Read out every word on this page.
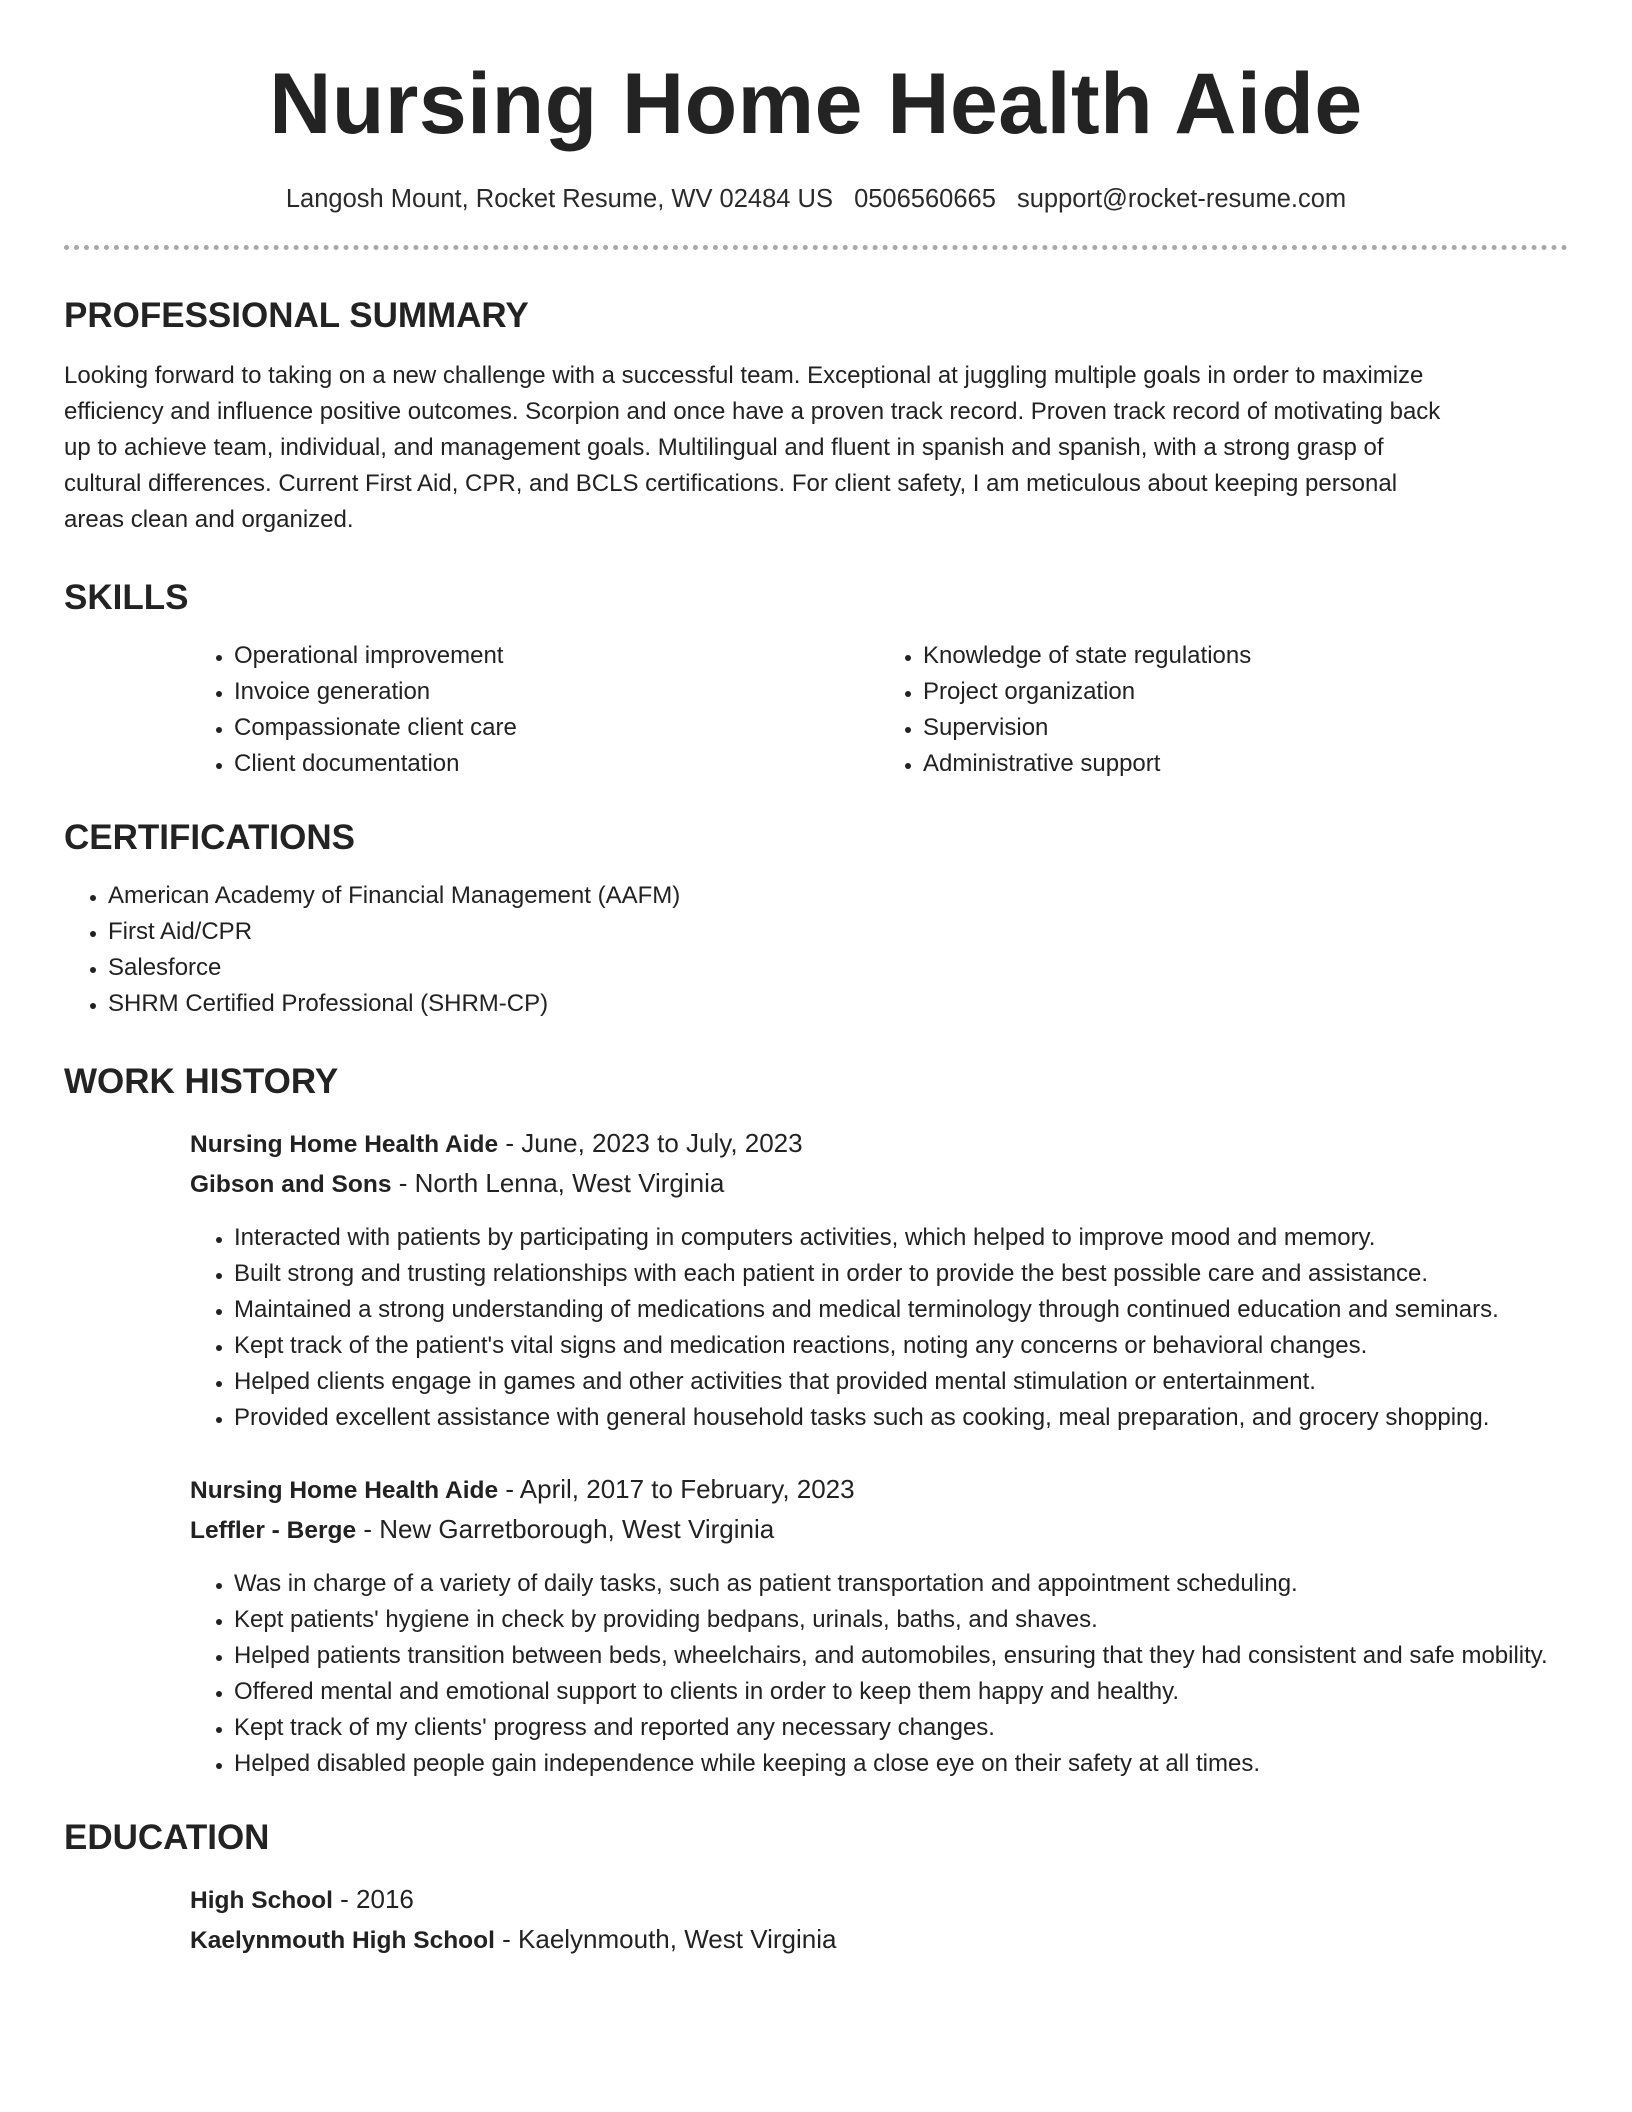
Nursing Home Health Aide
Langosh Mount, Rocket Resume, WV 02484 US 0506560665 support@rocket-resume.com
PROFESSIONAL SUMMARY

Looking forward to taking on a new challenge with a successful team. Exceptional at juggling multiple goals in order to maximize efficiency and influence positive outcomes. Scorpion and once have a proven track record. Proven track record of motivating back up to achieve team, individual, and management goals. Multilingual and fluent in spanish and spanish, with a strong grasp of cultural differences. Current First Aid, CPR, and BCLS certifications. For client safety, I am meticulous about keeping personal areas clean and organized.

SKILLS
• Operational improvement
• Invoice generation
• Compassionate client care
• Client documentation
• Knowledge of state regulations
• Project organization
• Supervision
• Administrative support
CERTIFICATIONS
• American Academy of Financial Management (AAFM)
• First Aid/CPR
• Salesforce
• SHRM Certified Professional (SHRM-CP)
WORK HISTORY
Nursing Home Health Aide - June, 2023 to July, 2023
Gibson and Sons - North Lenna, West Virginia
• Interacted with patients by participating in computers activities, which helped to improve mood and memory.
• Built strong and trusting relationships with each patient in order to provide the best possible care and assistance.
• Maintained a strong understanding of medications and medical terminology through continued education and seminars.
• Kept track of the patient's vital signs and medication reactions, noting any concerns or behavioral changes.
• Helped clients engage in games and other activities that provided mental stimulation or entertainment.
• Provided excellent assistance with general household tasks such as cooking, meal preparation, and grocery shopping.
Nursing Home Health Aide - April, 2017 to February, 2023
Leffler - Berge - New Garretborough, West Virginia
• Was in charge of a variety of daily tasks, such as patient transportation and appointment scheduling.
• Kept patients' hygiene in check by providing bedpans, urinals, baths, and shaves.
• Helped patients transition between beds, wheelchairs, and automobiles, ensuring that they had consistent and safe mobility.
• Offered mental and emotional support to clients in order to keep them happy and healthy.
• Kept track of my clients' progress and reported any necessary changes.
• Helped disabled people gain independence while keeping a close eye on their safety at all times.
EDUCATION
High School - 2016
Kaelynmouth High School - Kaelynmouth, West Virginia
